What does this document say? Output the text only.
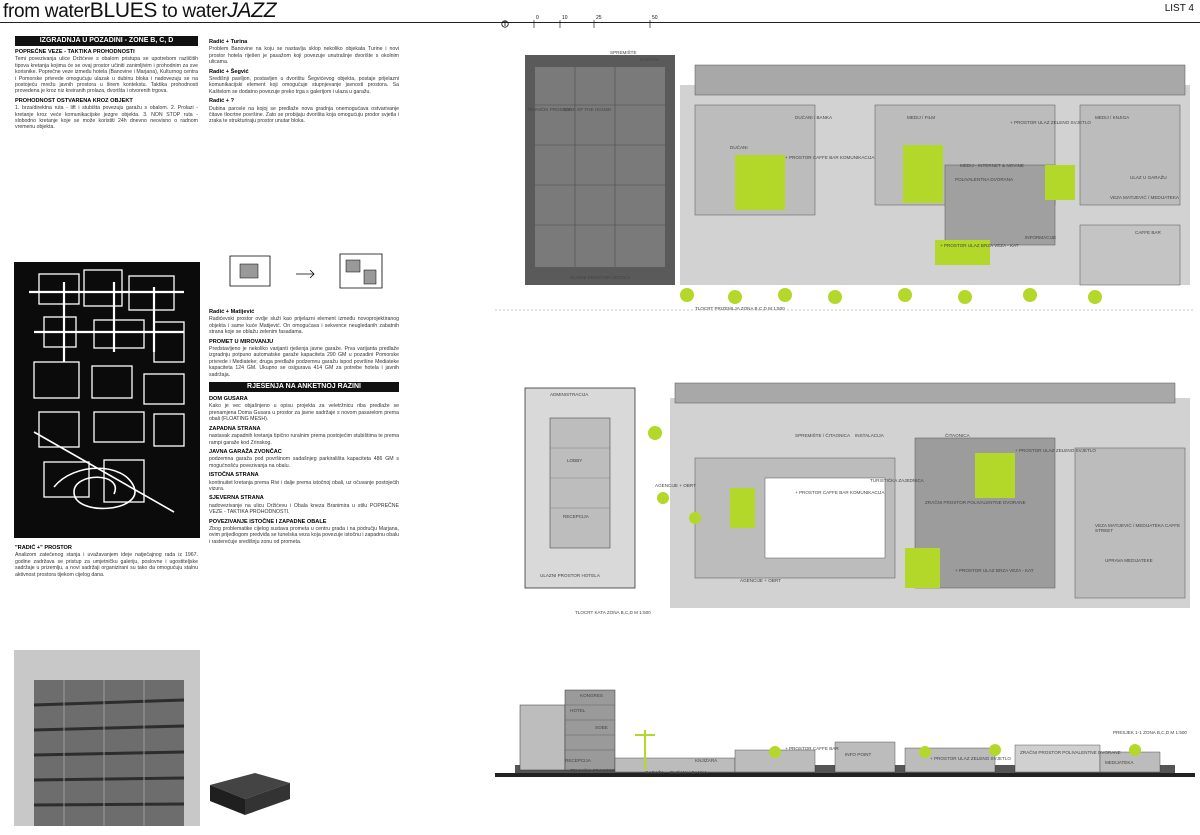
from waterBLUES to waterJAZZ	LIST 4
0	10	25	50
IZGRADNJA U POZADINI - ZONE B, C, D
POPREČNE VEZE - TAKTIKA PROHODNOSTI

Temi povezivanja ulice Držićeve s obalom pristupa se upotrebom različitih tipova kretanja kojima će se ovaj prostor učiniti zanimljivim i prohodnim za sve korisnike. Poprečne veze između hotela (Banovine i Marjana), Kulturnog centra i Pomorske privrede omogućuju ulazak u dubinu bloka i nadovezuju se na postojeću mrežu javnih prostora u širem kontekstu. Taktika prohodnosti provedena je kroz niz kreiranih prolaza, dvorišta i otvorenih trgova.

PROHODNOST OSTVARENA KROZ OBJEKT

1. brza/direktna ruta - lift i stubišta povezuju garažu s obalom. 2. Prolazi - kretanje kroz veće komunikacijske jezgre objekta. 3. NON STOP ruta - slobodno kretanje koje se može koristiti 24h dnevno neovisno o radnom vremenu objekta.

"RADIĆ +" PROSTOR

Analizom zatečenog stanja i uvažavanjem ideje natječajnog rada iz 1967. godine zadržava se pristup za umjetničku galeriju, poslovne i ugostiteljske sadržaje u prizemlju, a novi sadržaji organizirani su tako da omogućuju stalnu aktivnost prostora tijekom cijelog dana.

Radić + Turina

Problem Banovine na koju se nastavlja sklop nekoliko objekata Turine i novi prostor hotela riješen je pasažom koji povezuje unutrašnje dvorište s okolnim ulicama.

Radić + Šegvić

Središnji paviljon, postavljen u dvorištu Šegvićevog objekta, postaje prijelazni komunikacijski element koji omogućuje stupnjevanje javnosti prostora. Sa Kaštelom se dodatno povezuje preko trga s galerijom i ulaza u garažu.

Radić + ?

Dubina parcele na kojoj se predlaže nova gradnja onemogućava ostvarivanje čitave tlocrtne površine. Zato se probijaju dvorišta koja omogućuju prodor svjetla i zraka te strukturiraju prostor unutar bloka.

Radić + Matijević

Radićevski prostor ovdje služi kao prijelazni element između novoprojektiranog objekta i same kuće Matijević. On omogućava i sekvence neugledanih zabatnih strana koje se oblažu zelenim fasadama.

PROMET U MIROVANJU

Predstavljeno je nekoliko varijanti rješenja javne garaže. Prva varijanta predlaže izgradnju potpuno automatske garaže kapaciteta 290 GM u pozadini Pomorske privrede i Mediatekе; druga predlaže podzemnu garažu ispod površine Mediateke kapaciteta 124 GM. Ukupno se osigurava 414 GM za potrebe hotela i javnih sadržaja.

RJEŠENJA NA ANKETNOJ RAZINI
DOM GUSARA

Kako je vec objašnjeno u opisu projekta za veletržnicu riba predlaže se prenamjena Doma Gusara u prostor za javne sadržaje s novom pasarelom prema obali (FLOATING MESH).

ZAPADNA STRANA

nastavak zapadnih kretanja tipično ruralnim prema postojećim stubištima te prema rampi garaže kod Zrinskog.

JAVNA GARAŽA ZVONČAC

podzemna garaža pod površinom sadašnjeg parkirališta kapaciteta 486 GM s mogućnošću povezivanja na obalu.

ISTOČNA STRANA

kontinuitet kretanja prema Rivi i dalje prema istočnoj obali, uz očuvanje postojećih vizura.

SJEVERNA STRANA

nadovezivanje na ulicu Držićevu i Obala kneza Branimira u stilu POPREČNE VEZE - TAKTIKA PROHODNOSTI.

POVEZIVANJE ISTOČNE I ZAPADNE OBALE

Zbog problematike cijelog sustava prometa u centru grada i na području Marjana, ovim prijedlogom predviđa se tunelska veza koja povezuje istočnu i zapadnu obalu i rasterećuje središnju zonu od prometa.

TLOCRT PRIZEMLJA ZONA B,C,D M 1:500
SPREMIŠTE
GARAŽA
TEHNIČKI PROSTOR
BACK OF THE HOUSE
DUĆANI / BANKA	MEDIJ / FILM	MEDIJ / KNJIGA
+ PROSTOR CAFFE BAR KOMUNIKACIJA
MEDIJ - INTERNET & NOVINE
POLIVALENTNA DVORANA	ULAZ U GARAŽU
CAFFE BAR
INFORMACIJE
+ PROSTOR ULAZ BRZA VEZA - KAT
ULAZNI PROSTOR HOTELA
VEZA MATIJEVIĆ / MEDIJATEKA
DUĆANI
+ PROSTOR ULAZ ZELENO SVJETLO
TLOCRT KATA ZONA B,C,D M 1:500
ADMINISTRACIJA
LOBBY
RECEPCIJA
ULAZNI PROSTOR HOTELA
SPREMIŠTE / ČITAONICA INSTALACIJA	ČITAONICA
+ PROSTOR ULAZ ZELENO SVJETLO
ZRAČNI PROSTOR POLIVALENTNE DVORANE
TURISTIČKA ZAJEDNICA
AGENCIJE + OBRT
+ PROSTOR CAFFE BAR KOMUNIKACIJA
+ PROSTOR ULAZ BRZA VEZA - KAT
UPRAVA MEDIJATEKE
VEZA MATIJEVIĆ / MEDIJATEKA CAFFE STREET
AGENCIJE + OBRT
PRESJEK 1-1 ZONA B,C,D M 1:500
KONGRES
HOTEL
SOBE
RECEPCIJA
TEHNIČKI PROSTOR	GARAŽA DUĆANI / BANKA
KNJIŽARA
+ PROSTOR CAFFE BAR
INFO POINT
+ PROSTOR ULAZ ZELENO SVJETLO
ZRAČNI PROSTOR POLIVALENTNE DVORANE
MEDIJATEKA
